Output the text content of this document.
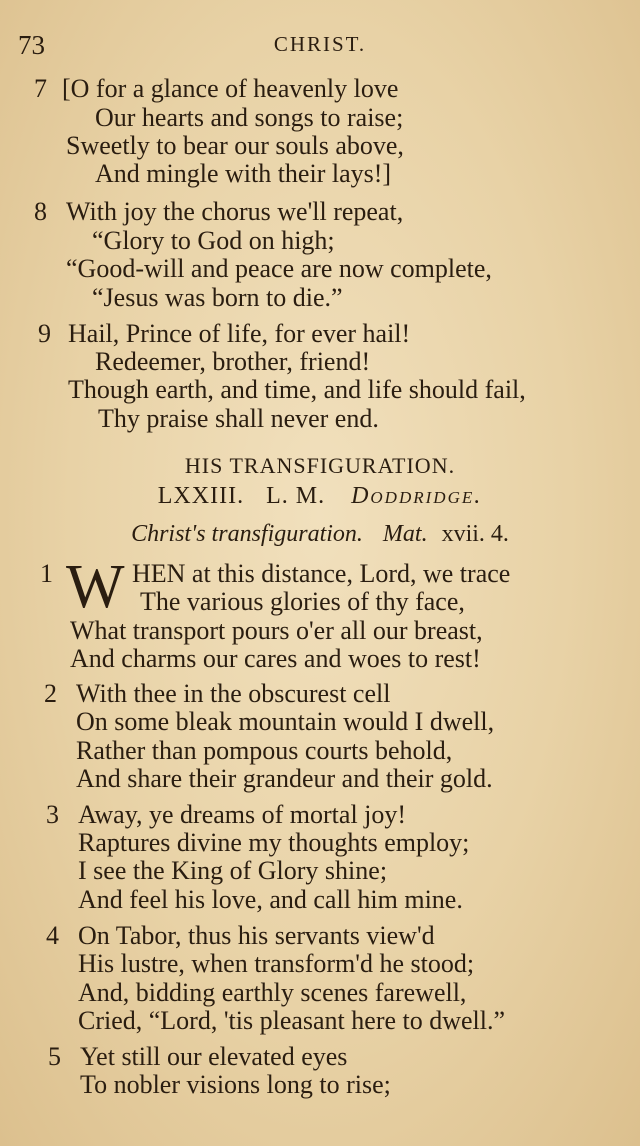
73	CHRIST.
7 [O for a glance of heavenly love
Our hearts and songs to raise;
Sweetly to bear our souls above,
And mingle with their lays!]
8 With joy the chorus we'll repeat,
“Glory to God on high;
“Good-will and peace are now complete,
“Jesus was born to die.”
9 Hail, Prince of life, for ever hail!
Redeemer, brother, friend!
Though earth, and time, and life should fail,
Thy praise shall never end.
HIS TRANSFIGURATION.
LXXIII. L. M. Doddridge.
Christ's transfiguration. Mat. xvii. 4.
1 W HEN at this distance, Lord, we trace
The various glories of thy face,
What transport pours o'er all our breast,
And charms our cares and woes to rest!
2 With thee in the obscurest cell
On some bleak mountain would I dwell,
Rather than pompous courts behold,
And share their grandeur and their gold.
3 Away, ye dreams of mortal joy!
Raptures divine my thoughts employ;
I see the King of Glory shine;
And feel his love, and call him mine.
4 On Tabor, thus his servants view'd
His lustre, when transform'd he stood;
And, bidding earthly scenes farewell,
Cried, “Lord, 'tis pleasant here to dwell.”
5 Yet still our elevated eyes
To nobler visions long to rise;
